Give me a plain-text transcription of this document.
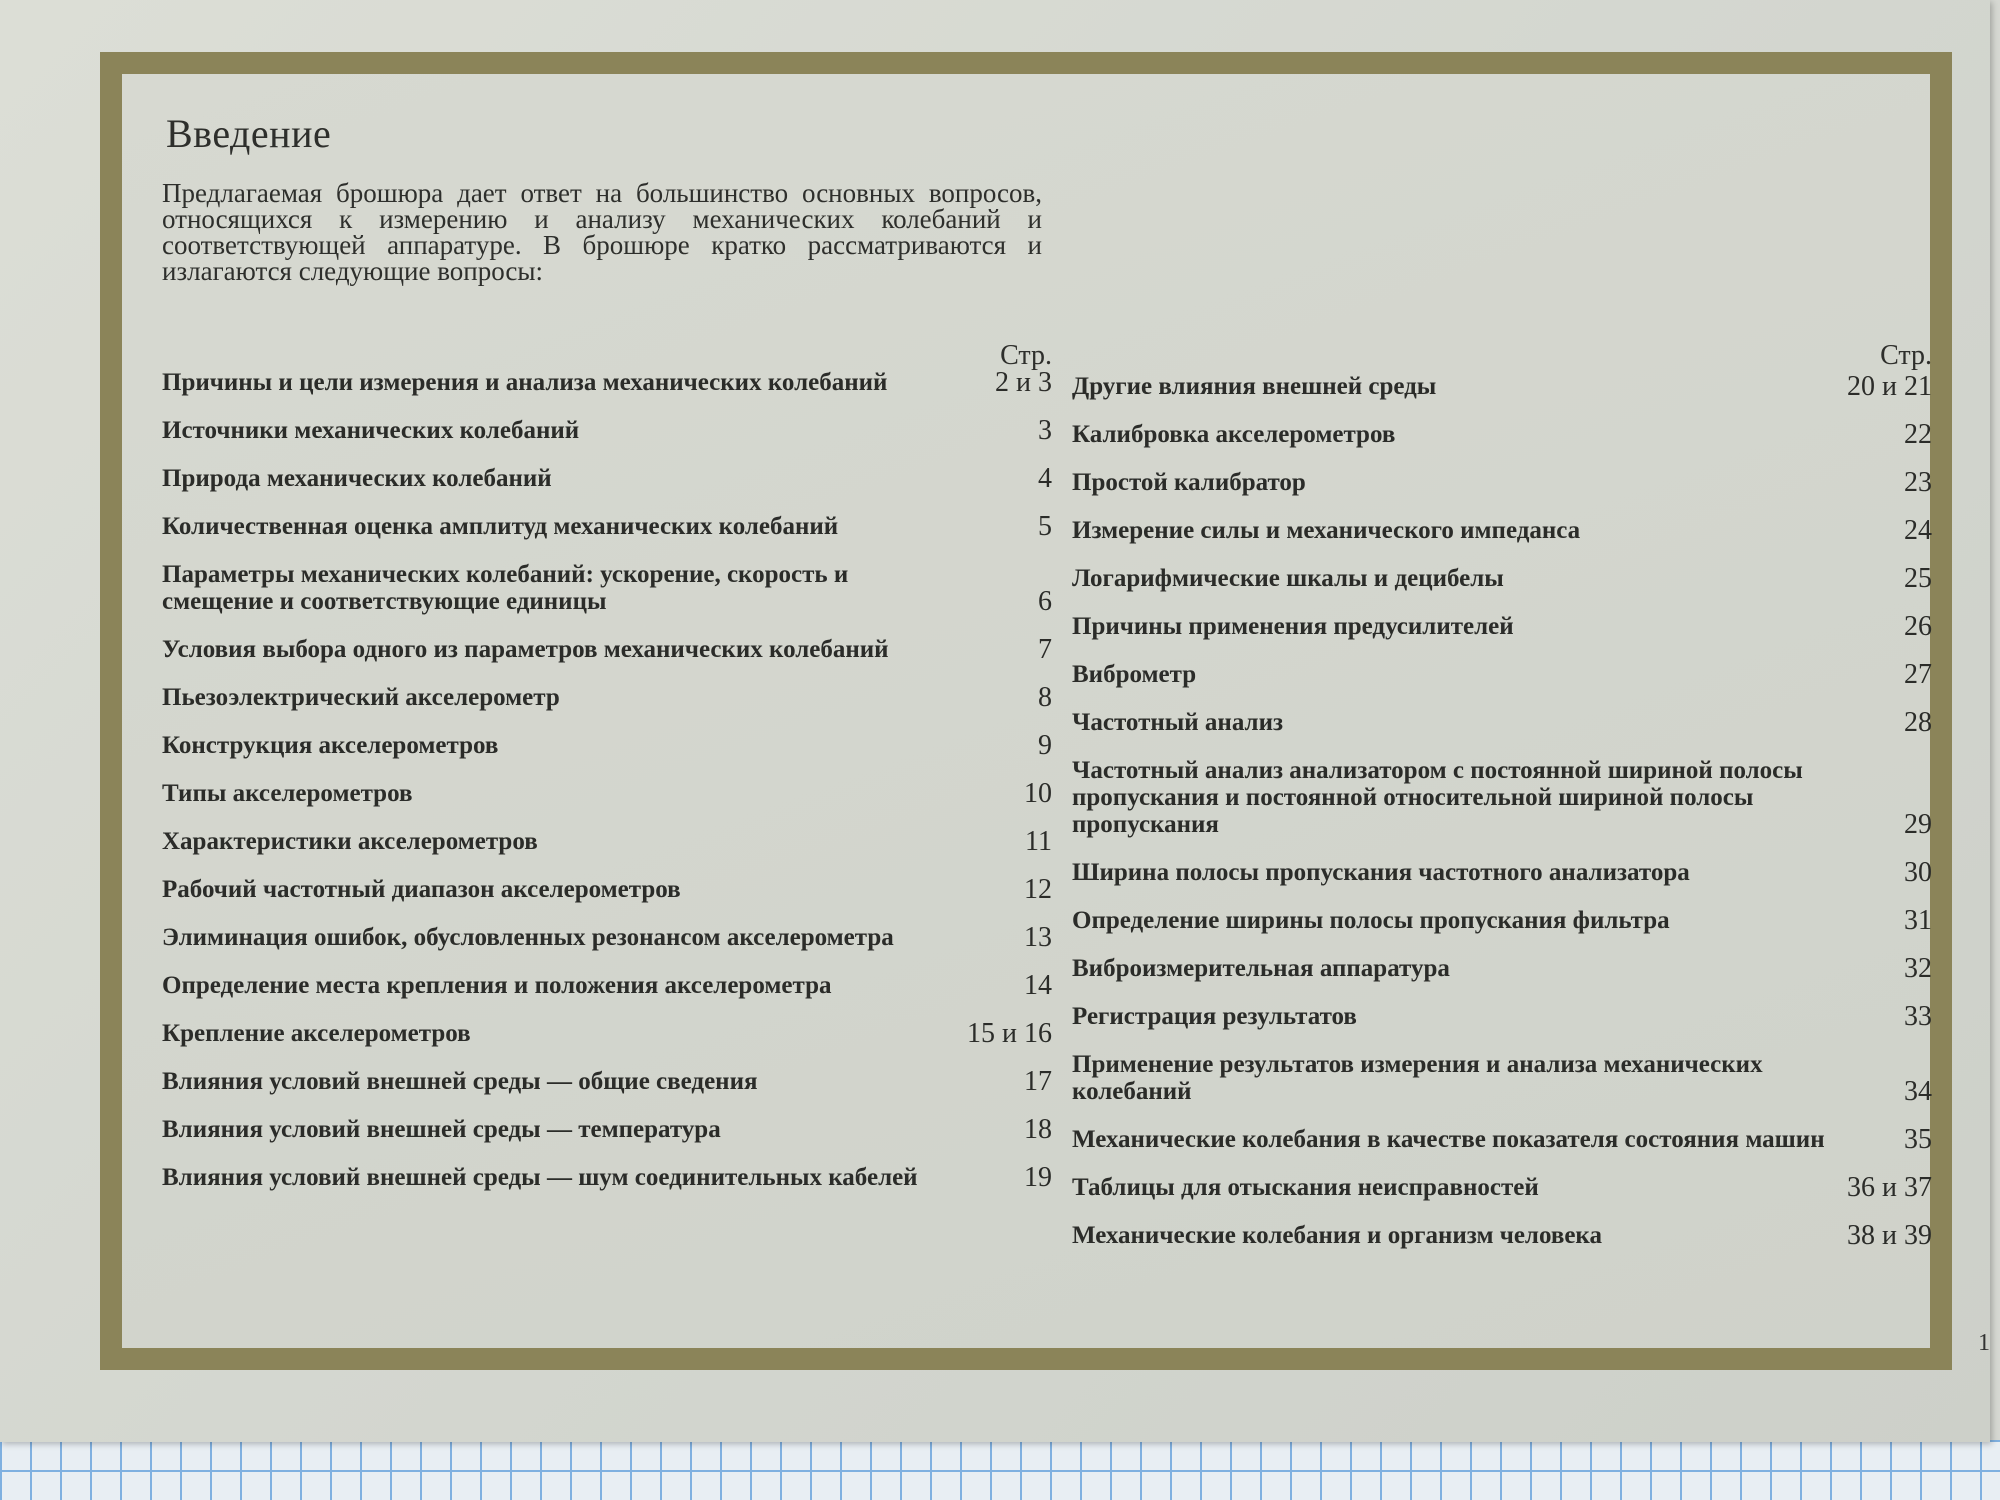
Введение

Предлагаемая брошюра дает ответ на большинство основных вопросов, относящихся к измерению и анализу механических колебаний и соответствующей аппаратуре. В брошюре кратко рассматриваются и излагаются следующие вопросы:

Стр.
Причины и цели измерения и анализа механических колебаний	2 и 3
Источники механических колебаний	3
Природа механических колебаний	4
Количественная оценка амплитуд механических колебаний	5
Параметры механических колебаний: ускорение, скорость и смещение и соответствующие единицы	6
Условия выбора одного из параметров механических колебаний	7
Пьезоэлектрический акселерометр	8
Конструкция акселерометров	9
Типы акселерометров	10
Характеристики акселерометров	11
Рабочий частотный диапазон акселерометров	12
Элиминация ошибок, обусловленных резонансом акселерометра	13
Определение места крепления и положения акселерометра	14
Крепление акселерометров	15 и 16
Влияния условий внешней среды — общие сведения	17
Влияния условий внешней среды — температура	18
Влияния условий внешней среды — шум соединительных кабелей	19
Стр.
Другие влияния внешней среды	20 и 21
Калибровка акселерометров	22
Простой калибратор	23
Измерение силы и механического импеданса	24
Логарифмические шкалы и децибелы	25
Причины применения предусилителей	26
Виброметр	27
Частотный анализ	28
Частотный анализ анализатором с постоянной шириной полосы пропускания и постоянной относительной шириной полосы пропускания	29
Ширина полосы пропускания частотного анализатора	30
Определение ширины полосы пропускания фильтра	31
Виброизмерительная аппаратура	32
Регистрация результатов	33
Применение результатов измерения и анализа механических колебаний	34
Механические колебания в качестве показателя состояния машин	35
Таблицы для отыскания неисправностей	36 и 37
Механические колебания и организм человека	38 и 39
1
